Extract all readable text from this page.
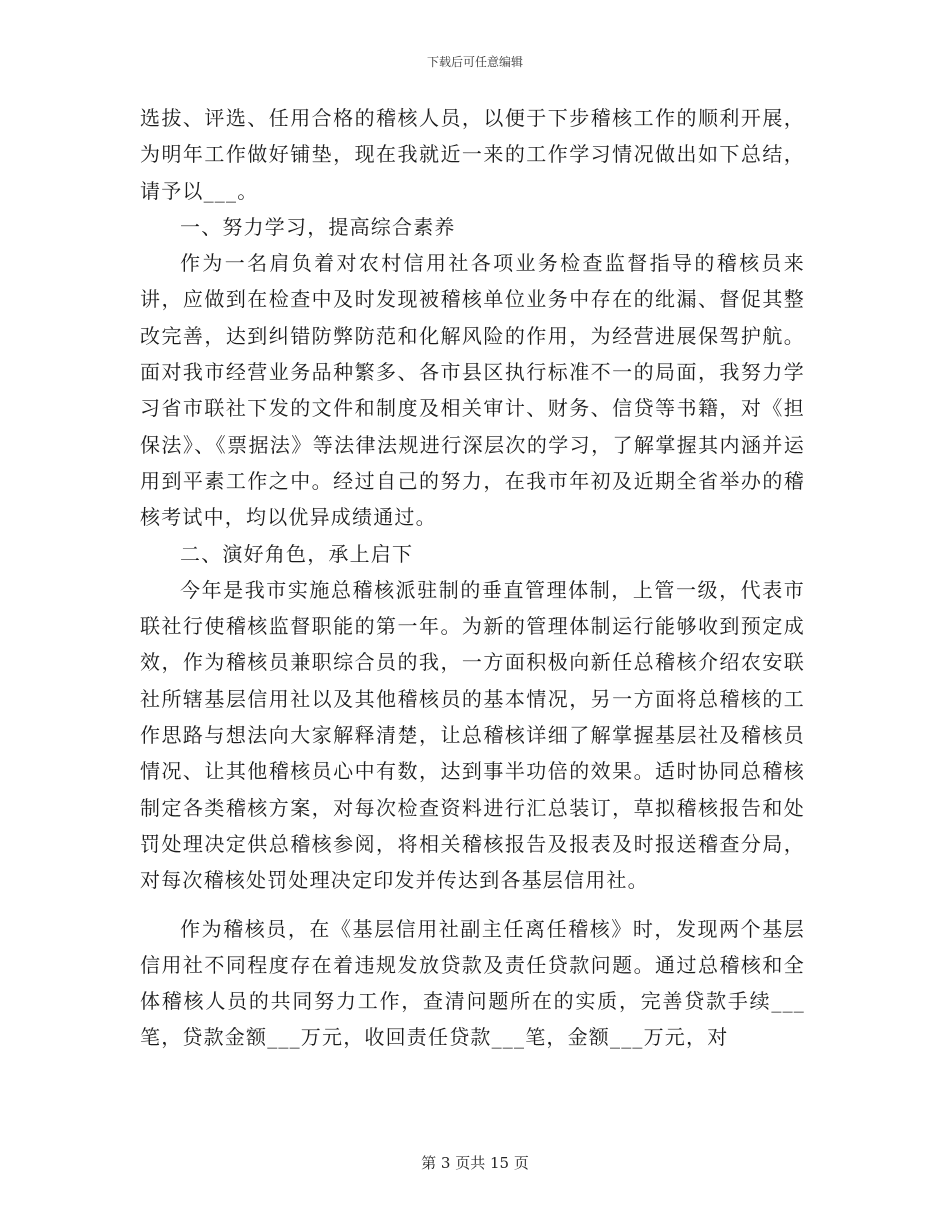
下载后可任意编辑

选拔、评选、任用合格的稽核人员，以便于下步稽核工作的顺利开展，为明年工作做好铺垫，现在我就近一来的工作学习情况做出如下总结，请予以___。

一、努力学习，提高综合素养

作为一名肩负着对农村信用社各项业务检查监督指导的稽核员来讲，应做到在检查中及时发现被稽核单位业务中存在的纰漏、督促其整改完善，达到纠错防弊防范和化解风险的作用，为经营进展保驾护航。面对我市经营业务品种繁多、各市县区执行标准不一的局面，我努力学习省市联社下发的文件和制度及相关审计、财务、信贷等书籍，对《担保法》、《票据法》等法律法规进行深层次的学习，了解掌握其内涵并运用到平素工作之中。经过自己的努力，在我市年初及近期全省举办的稽核考试中，均以优异成绩通过。

二、演好角色，承上启下

今年是我市实施总稽核派驻制的垂直管理体制，上管一级，代表市联社行使稽核监督职能的第一年。为新的管理体制运行能够收到预定成效，作为稽核员兼职综合员的我，一方面积极向新任总稽核介绍农安联社所辖基层信用社以及其他稽核员的基本情况，另一方面将总稽核的工作思路与想法向大家解释清楚，让总稽核详细了解掌握基层社及稽核员情况、让其他稽核员心中有数，达到事半功倍的效果。适时协同总稽核制定各类稽核方案，对每次检查资料进行汇总装订，草拟稽核报告和处罚处理决定供总稽核参阅，将相关稽核报告及报表及时报送稽查分局，对每次稽核处罚处理决定印发并传达到各基层信用社。

作为稽核员，在《基层信用社副主任离任稽核》时，发现两个基层信用社不同程度存在着违规发放贷款及责任贷款问题。通过总稽核和全体稽核人员的共同努力工作，查清问题所在的实质，完善贷款手续___笔，贷款金额___万元，收回责任贷款___笔，金额___万元，对

第 3 页共 15 页
